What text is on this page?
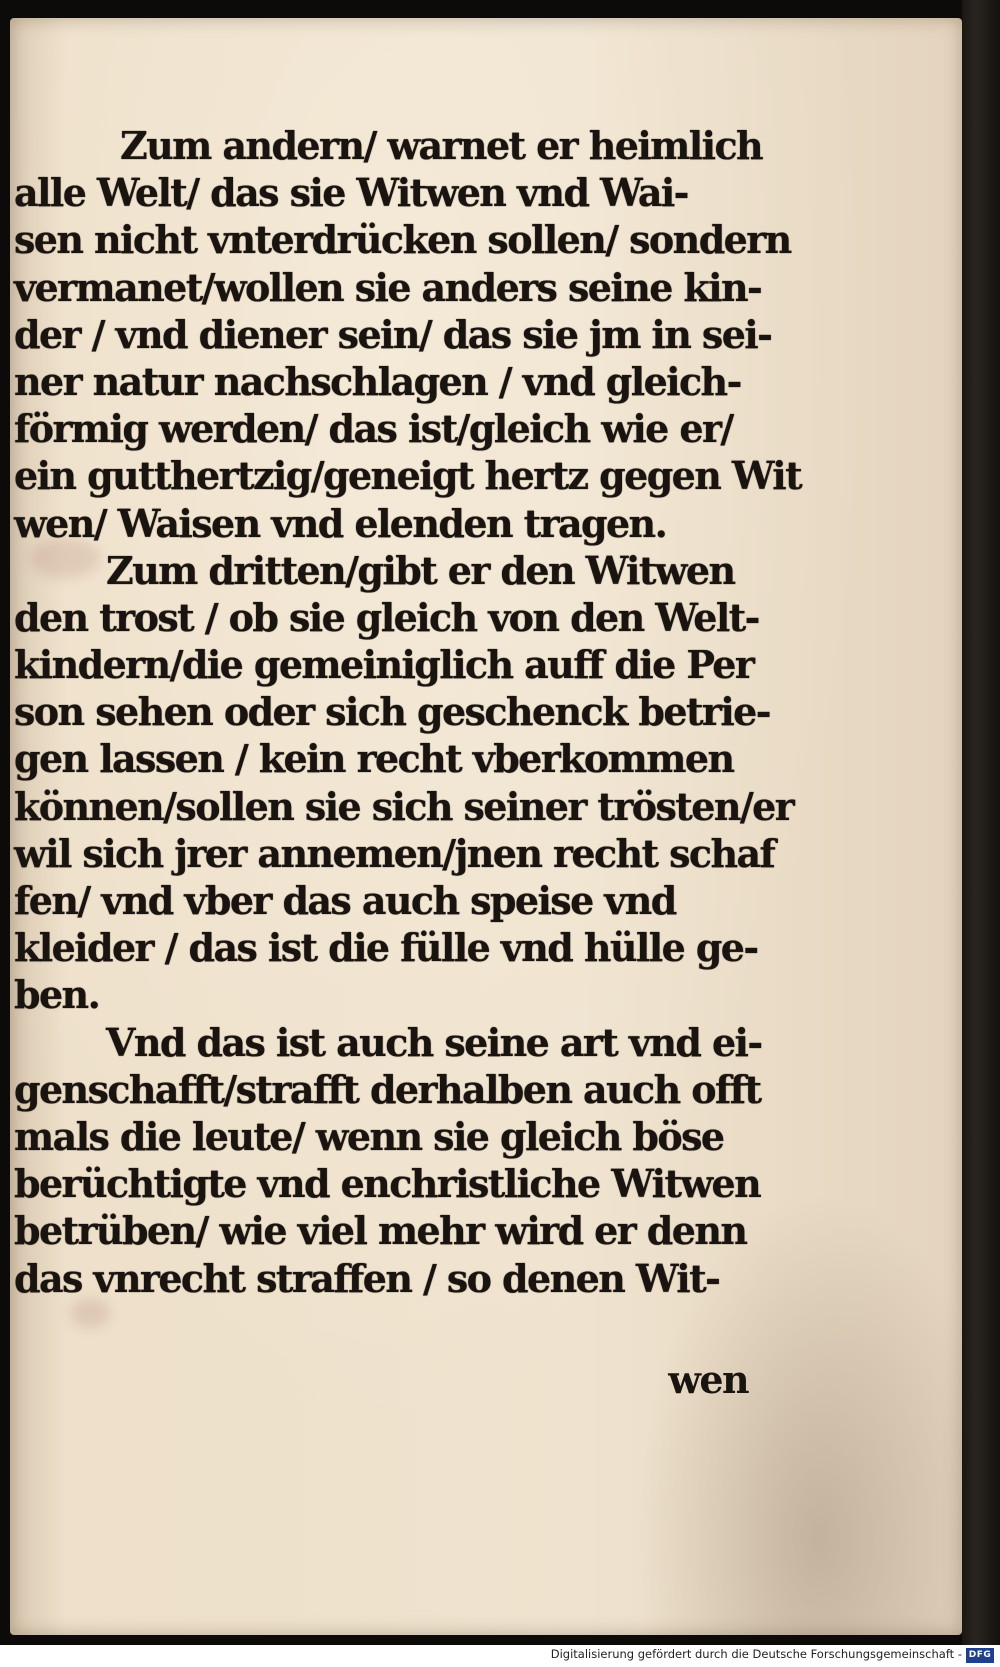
Zum andern/ warnet er heimlich
alle Welt/ das sie Witwen vnd Wai-
sen nicht vnterdrücken sollen/ sondern
vermanet/wollen sie anders seine kin-
der / vnd diener sein/ das sie jm in sei-
ner natur nachschlagen / vnd gleich-
förmig werden/ das ist/gleich wie er/
ein gutthertzig/geneigt hertz gegen Wit
wen/ Waisen vnd elenden tragen.
Zum dritten/gibt er den Witwen
den trost / ob sie gleich von den Welt-
kindern/die gemeiniglich auff die Per
son sehen oder sich geschenck betrie-
gen lassen / kein recht vberkommen
können/sollen sie sich seiner trösten/er
wil sich jrer annemen/jnen recht schaf
fen/ vnd vber das auch speise vnd
kleider / das ist die fülle vnd hülle ge-
ben.
Vnd das ist auch seine art vnd ei-
genschafft/strafft derhalben auch offt
mals die leute/ wenn sie gleich böse
berüchtigte vnd enchristliche Witwen
betrüben/ wie viel mehr wird er denn
das vnrecht straffen / so denen Wit-
wen
Digitalisierung gefördert durch die Deutsche Forschungsgemeinschaft - DFG
